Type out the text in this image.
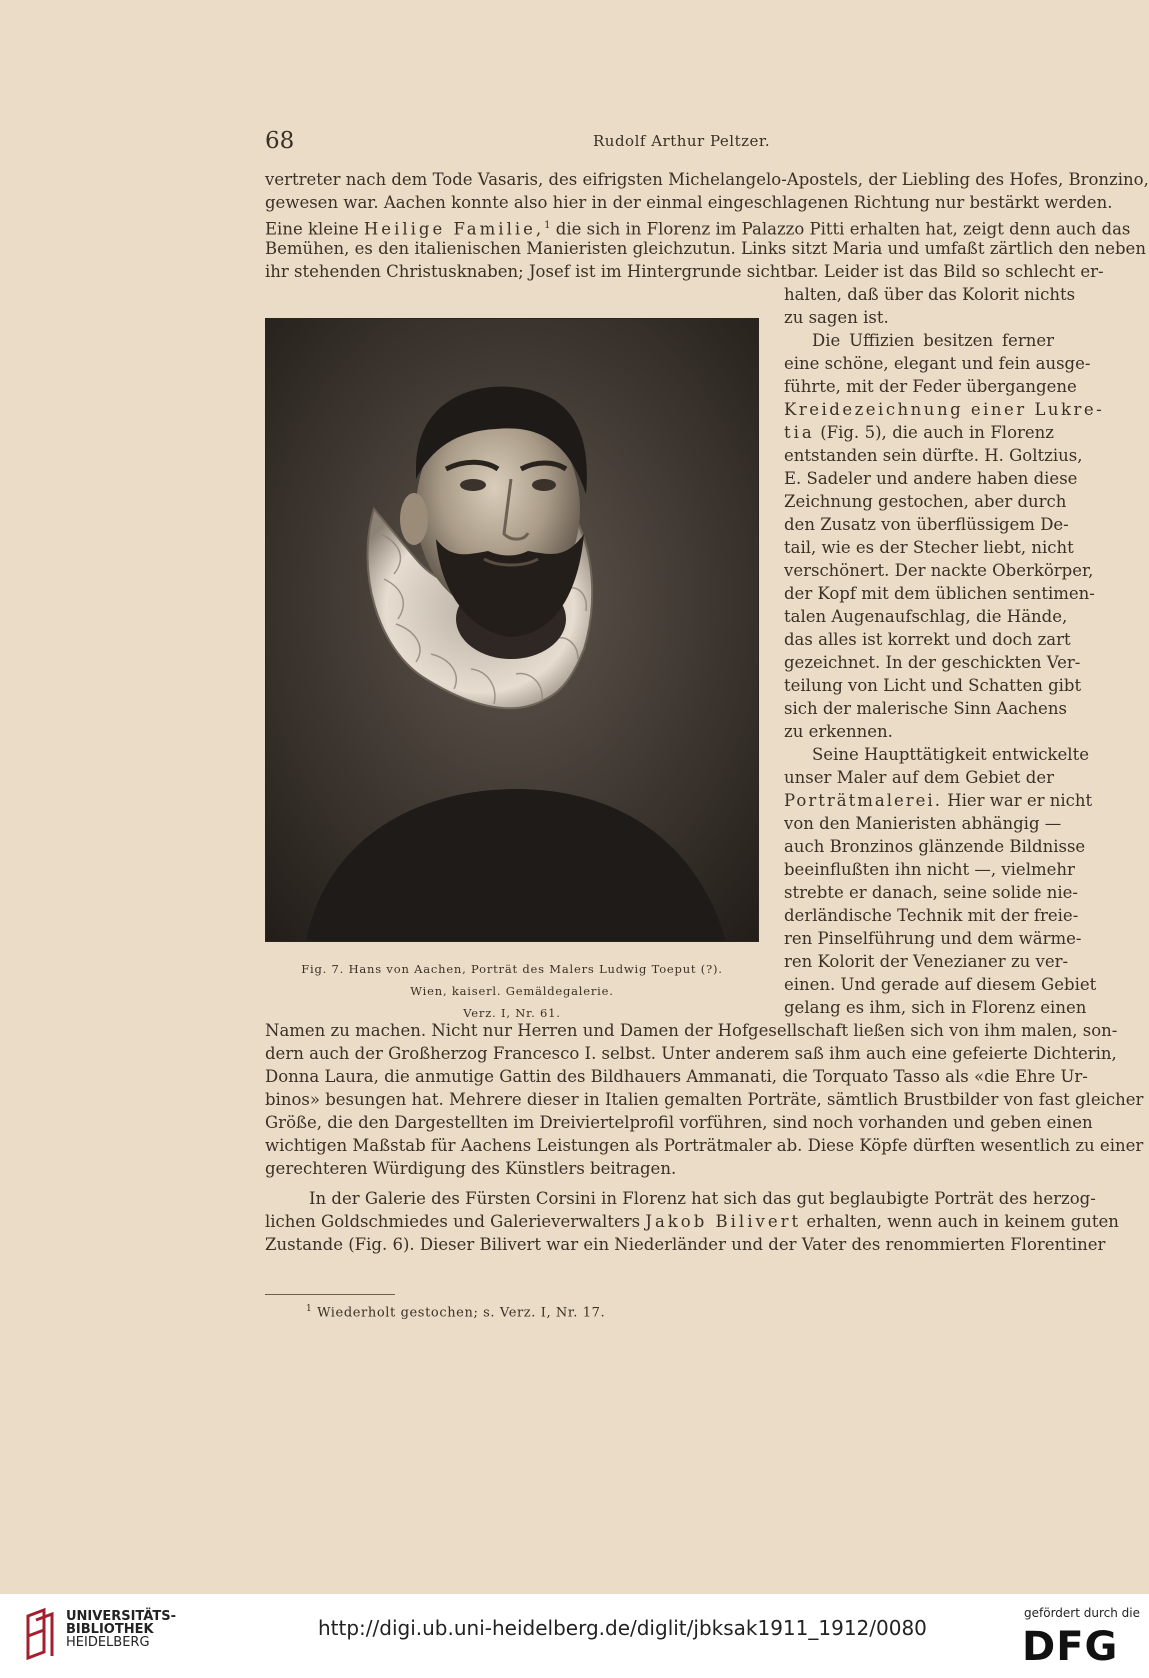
68	Rudolf Arthur Peltzer.

vertreter nach dem Tode Vasaris, des eifrigsten Michelangelo-Apostels, der Liebling des Hofes, Bronzino,

gewesen war. Aachen konnte also hier in der einmal eingeschlagenen Richtung nur bestärkt werden.

Eine kleine Heilige Familie,$^1$ die sich in Florenz im Palazzo Pitti erhalten hat, zeigt denn auch das

Bemühen, es den italienischen Manieristen gleichzutun. Links sitzt Maria und umfaßt zärtlich den neben

ihr stehenden Christusknaben; Josef ist im Hintergrunde sichtbar. Leider ist das Bild so schlecht er-

halten, daß über das Kolorit nichts

zu sagen ist.

Die Uffizien besitzen ferner

eine schöne, elegant und fein ausge-

führte, mit der Feder übergangene

Kreidezeichnung einer Lukre-

tia (Fig. 5), die auch in Florenz

entstanden sein dürfte. H. Goltzius,

E. Sadeler und andere haben diese

Zeichnung gestochen, aber durch

den Zusatz von überflüssigem De-

tail, wie es der Stecher liebt, nicht

verschönert. Der nackte Oberkörper,

der Kopf mit dem üblichen sentimen-

talen Augenaufschlag, die Hände,

das alles ist korrekt und doch zart

gezeichnet. In der geschickten Ver-

teilung von Licht und Schatten gibt

sich der malerische Sinn Aachens

zu erkennen.

Seine Haupttätigkeit entwickelte

unser Maler auf dem Gebiet der

Porträtmalerei. Hier war er nicht

von den Manieristen abhängig —

auch Bronzinos glänzende Bildnisse

beeinflußten ihn nicht —, vielmehr

strebte er danach, seine solide nie-

derländische Technik mit der freie-

ren Pinselführung und dem wärme-

ren Kolorit der Venezianer zu ver-

einen. Und gerade auf diesem Gebiet

gelang es ihm, sich in Florenz einen

Fig. 7. Hans von Aachen, Porträt des Malers Ludwig Toeput (?).

Wien, kaiserl. Gemäldegalerie.

Verz. I, Nr. 61.

Namen zu machen. Nicht nur Herren und Damen der Hofgesellschaft ließen sich von ihm malen, son-

dern auch der Großherzog Francesco I. selbst. Unter anderem saß ihm auch eine gefeierte Dichterin,

Donna Laura, die anmutige Gattin des Bildhauers Ammanati, die Torquato Tasso als «die Ehre Ur-

binos» besungen hat. Mehrere dieser in Italien gemalten Porträte, sämtlich Brustbilder von fast gleicher

Größe, die den Dargestellten im Dreiviertelprofil vorführen, sind noch vorhanden und geben einen

wichtigen Maßstab für Aachens Leistungen als Porträtmaler ab. Diese Köpfe dürften wesentlich zu einer

gerechteren Würdigung des Künstlers beitragen.

In der Galerie des Fürsten Corsini in Florenz hat sich das gut beglaubigte Porträt des herzog-

lichen Goldschmiedes und Galerieverwalters Jakob Bilivert erhalten, wenn auch in keinem guten

Zustande (Fig. 6). Dieser Bilivert war ein Niederländer und der Vater des renommierten Florentiner

$^1$ Wiederholt gestochen; s. Verz. I, Nr. 17.

UNIVERSITÄTS-
BIBLIOTHEK
HEIDELBERG
http://digi.ub.uni-heidelberg.de/diglit/jbksak1911_1912/0080
gefördert durch die
DFG
